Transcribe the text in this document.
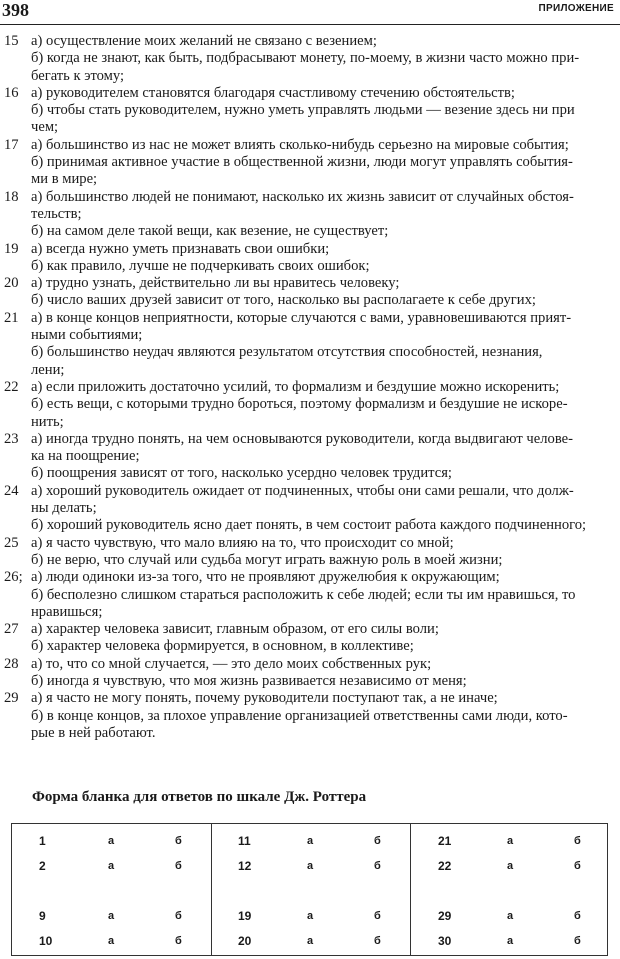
398	ПРИЛОЖЕНИЕ
15 а) осуществление моих желаний не связано с везением;
б) когда не знают, как быть, подбрасывают монету, по-моему, в жизни часто можно при-
бегать к этому;
16 а) руководителем становятся благодаря счастливому стечению обстоятельств;
б) чтобы стать руководителем, нужно уметь управлять людьми — везение здесь ни при
чем;
17 а) большинство из нас не может влиять сколько-нибудь серьезно на мировые события;
б) принимая активное участие в общественной жизни, люди могут управлять события-
ми в мире;
18 а) большинство людей не понимают, насколько их жизнь зависит от случайных обстоя-
тельств;
б) на самом деле такой вещи, как везение, не существует;
19 а) всегда нужно уметь признавать свои ошибки;
б) как правило, лучше не подчеркивать своих ошибок;
20 а) трудно узнать, действительно ли вы нравитесь человеку;
б) число ваших друзей зависит от того, насколько вы располагаете к себе других;
21 а) в конце концов неприятности, которые случаются с вами, уравновешиваются прият-
ными событиями;
б) большинство неудач являются результатом отсутствия способностей, незнания,
лени;
22 а) если приложить достаточно усилий, то формализм и бездушие можно искоренить;
б) есть вещи, с которыми трудно бороться, поэтому формализм и бездушие не искоре-
нить;
23 а) иногда трудно понять, на чем основываются руководители, когда выдвигают челове-
ка на поощрение;
б) поощрения зависят от того, насколько усердно человек трудится;
24 а) хороший руководитель ожидает от подчиненных, чтобы они сами решали, что долж-
ны делать;
б) хороший руководитель ясно дает понять, в чем состоит работа каждого подчиненного;
25 а) я часто чувствую, что мало влияю на то, что происходит со мной;
б) не верю, что случай или судьба могут играть важную роль в моей жизни;
26; а) люди одиноки из-за того, что не проявляют дружелюбия к окружающим;
б) бесполезно слишком стараться расположить к себе людей; если ты им нравишься, то
нравишься;
27 а) характер человека зависит, главным образом, от его силы воли;
б) характер человека формируется, в основном, в коллективе;
28 а) то, что со мной случается, — это дело моих собственных рук;
б) иногда я чувствую, что моя жизнь развивается независимо от меня;
29 а) я часто не могу понять, почему руководители поступают так, а не иначе;
б) в конце концов, за плохое управление организацией ответственны сами люди, кото-
рые в ней работают.
Форма бланка для ответов по шкале Дж. Роттера
1	а	б
2	а	б
9	а	б
10	а	б
11	а	б
12	а	б
19	а	б
20	а	б
21	а	б
22	а	б
29	а	б
30	а	б
